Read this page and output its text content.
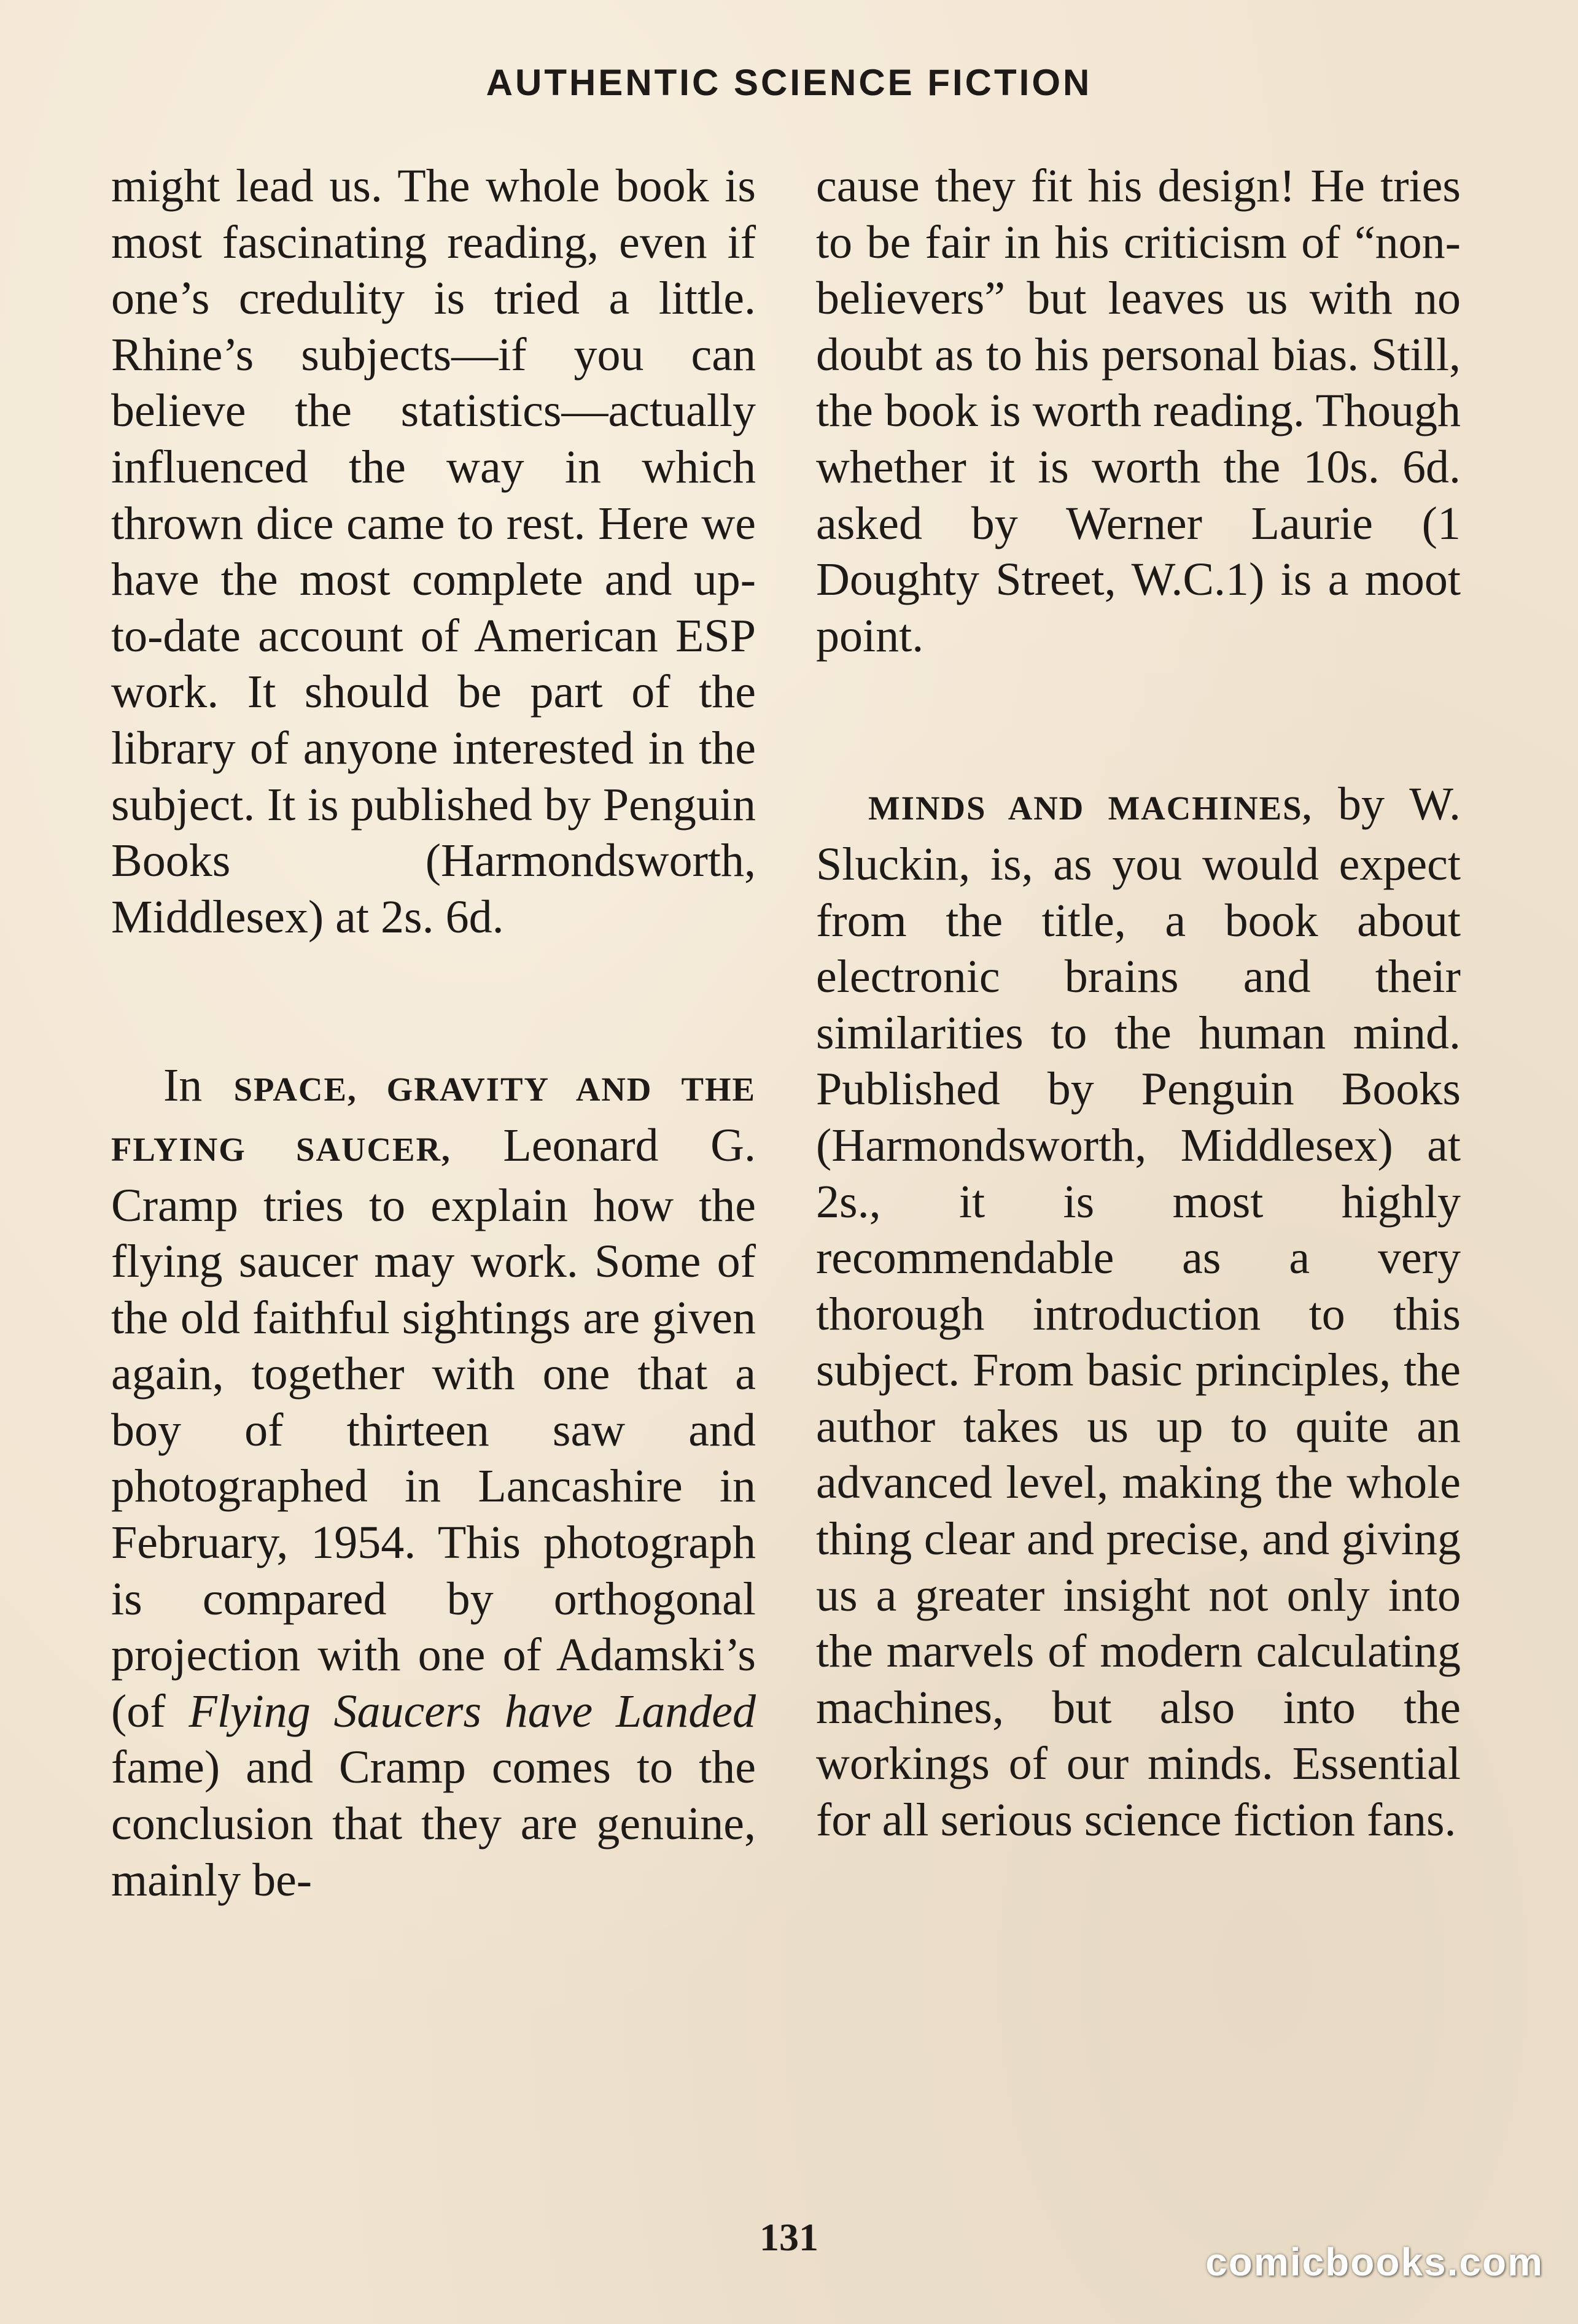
AUTHENTIC SCIENCE FICTION

might lead us. The whole book is most fascinating reading, even if one’s credulity is tried a little. Rhine’s subjects—if you can believe the statistics—actually influenced the way in which thrown dice came to rest. Here we have the most complete and up-to-date account of American ESP work. It should be part of the library of anyone interested in the subject. It is published by Penguin Books (Harmondsworth, Middlesex) at 2s. 6d.

In SPACE, GRAVITY AND THE FLYING SAUCER, Leonard G. Cramp tries to explain how the flying saucer may work. Some of the old faithful sightings are given again, together with one that a boy of thirteen saw and photographed in Lancashire in February, 1954. This photograph is compared by orthogonal projection with one of Adamski’s (of Flying Saucers have Landed fame) and Cramp comes to the conclusion that they are genuine, mainly be-

cause they fit his design! He tries to be fair in his criticism of “non-believers” but leaves us with no doubt as to his personal bias. Still, the book is worth reading. Though whether it is worth the 10s. 6d. asked by Werner Laurie (1 Doughty Street, W.C.1) is a moot point.

MINDS AND MACHINES, by W. Sluckin, is, as you would expect from the title, a book about electronic brains and their similarities to the human mind. Published by Penguin Books (Harmondsworth, Middlesex) at 2s., it is most highly recommendable as a very thorough introduction to this subject. From basic principles, the author takes us up to quite an advanced level, making the whole thing clear and precise, and giving us a greater insight not only into the marvels of modern calculating machines, but also into the workings of our minds. Essential for all serious science fiction fans.

131
comicbooks.com
